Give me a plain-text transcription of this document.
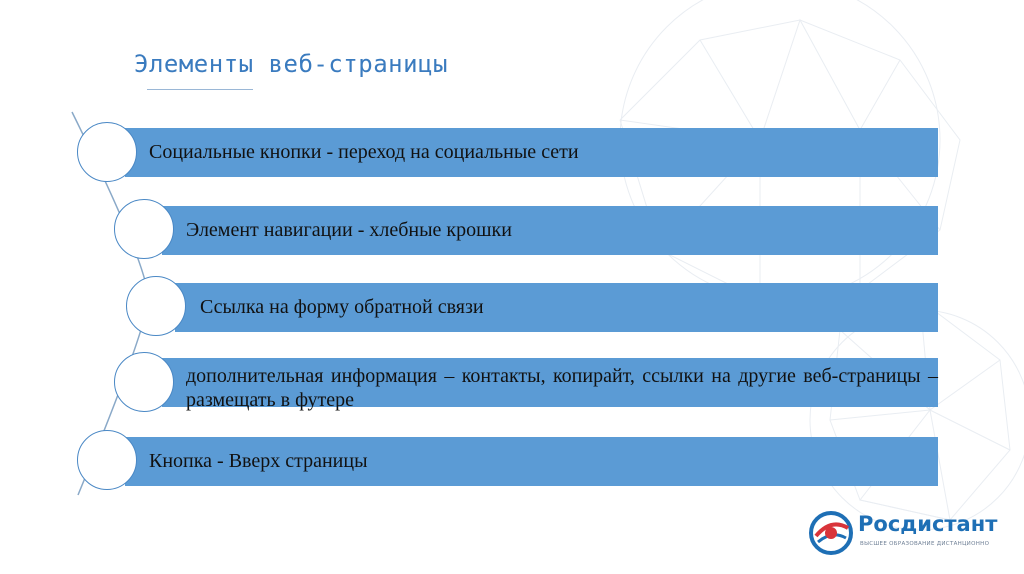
Элементы веб-страницы
Социальные кнопки - переход на социальные сети
Элемент навигации - хлебные крошки
Ссылка на форму обратной связи
дополнительная информация – контакты, копирайт, ссылки на другие веб-страницы – размещать в футере
Кнопка - Вверх страницы
Росдистант
ВЫСШЕЕ ОБРАЗОВАНИЕ ДИСТАНЦИОННО
